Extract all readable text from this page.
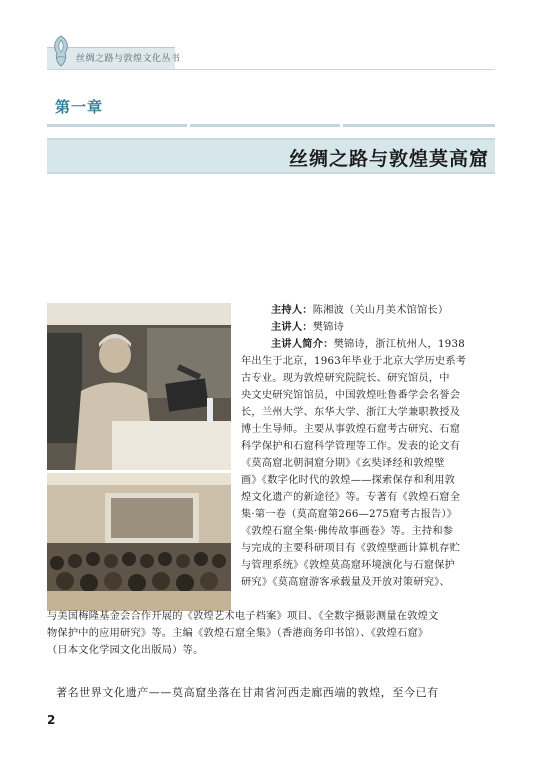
丝绸之路与敦煌文化丛书
第一章
丝绸之路与敦煌莫高窟
主持人：陈湘波（关山月美术馆馆长）
主讲人：樊锦诗
主讲人简介：樊锦诗，浙江杭州人，1938
年出生于北京，1963年毕业于北京大学历史系考
古专业。现为敦煌研究院院长、研究馆员，中
央文史研究馆馆员，中国敦煌吐鲁番学会名誉会
长，兰州大学、东华大学、浙江大学兼职教授及
博士生导师。主要从事敦煌石窟考古研究、石窟
科学保护和石窟科学管理等工作。发表的论文有
《莫高窟北朝洞窟分期》《玄奘译经和敦煌壁
画》《数字化时代的敦煌——探索保存和利用敦
煌文化遗产的新途径》等。专著有《敦煌石窟全
集·第一卷（莫高窟第266—275窟考古报告）》
《敦煌石窟全集·佛传故事画卷》等。主持和参
与完成的主要科研项目有《敦煌壁画计算机存贮
与管理系统》《敦煌莫高窟环境演化与石窟保护
研究》《莫高窟游客承载量及开放对策研究》、
与美国梅隆基金会合作开展的《敦煌艺术电子档案》项目、《全数字摄影测量在敦煌文
物保护中的应用研究》等。主编《敦煌石窟全集》（香港商务印书馆）、《敦煌石窟》
（日本文化学园文化出版局）等。
著名世界文化遗产——莫高窟坐落在甘肃省河西走廊西端的敦煌，至今已有
2
